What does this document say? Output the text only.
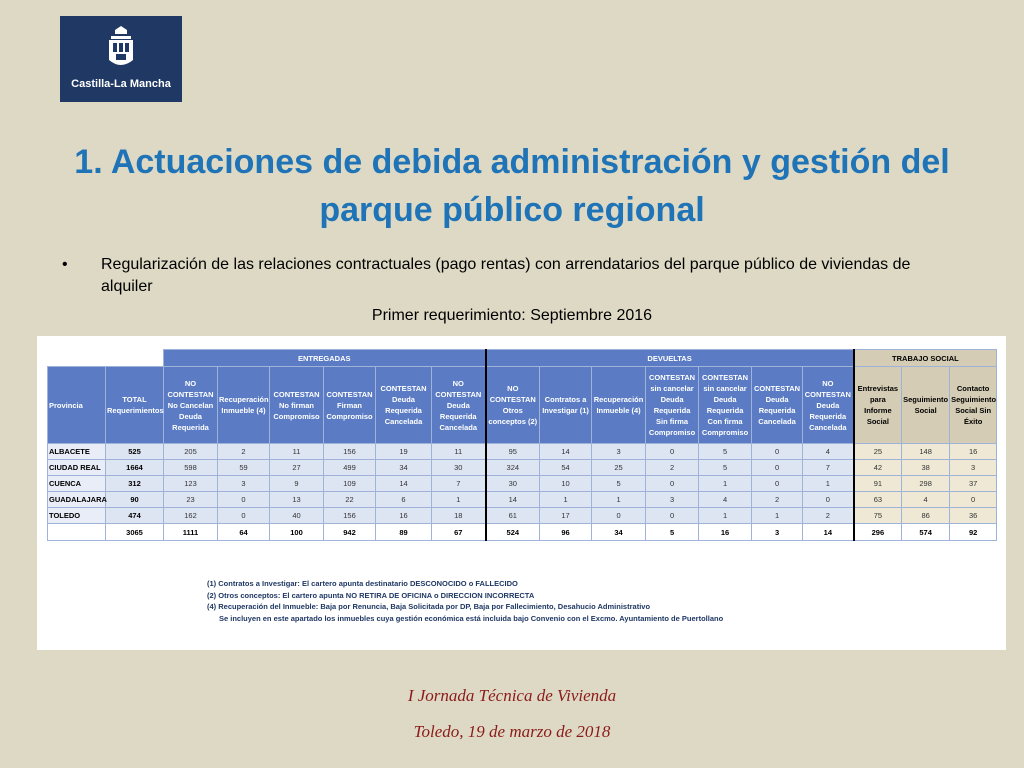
Castilla-La Mancha
1. Actuaciones de debida administración y gestión del parque público regional
• Regularización de las relaciones contractuales (pago rentas) con arrendatarios del parque público de viviendas de alquiler
Primer requerimiento: Septiembre 2016
		ENTREGADAS						DEVUELTAS							TRABAJO SOCIAL		
Provincia	TOTAL Requerimientos	NO CONTESTAN No Cancelan Deuda Requerida	Recuperación Inmueble (4)	CONTESTAN No firman Compromiso	CONTESTAN Firman Compromiso	CONTESTAN Deuda Requerida Cancelada	NO CONTESTAN Deuda Requerida Cancelada	NO CONTESTAN Otros conceptos (2)	Contratos a Investigar (1)	Recuperación Inmueble (4)	CONTESTAN sin cancelar Deuda Requerida Sin firma Compromiso	CONTESTAN sin cancelar Deuda Requerida Con firma Compromiso	CONTESTAN Deuda Requerida Cancelada	NO CONTESTAN Deuda Requerida Cancelada	Entrevistas para Informe Social	Seguimiento Social	Contacto Seguimiento Social Sin Éxito
ALBACETE	525	205	2	11	156	19	11	95	14	3	0	5	0	4	25	148	16
CIUDAD REAL	1664	598	59	27	499	34	30	324	54	25	2	5	0	7	42	38	3
CUENCA	312	123	3	9	109	14	7	30	10	5	0	1	0	1	91	298	37
GUADALAJARA	90	23	0	13	22	6	1	14	1	1	3	4	2	0	63	4	0
TOLEDO	474	162	0	40	156	16	18	61	17	0	0	1	1	2	75	86	36
	3065	1111	64	100	942	89	67	524	96	34	5	16	3	14	296	574	92
(1) Contratos a Investigar: El cartero apunta destinatario DESCONOCIDO o FALLECIDO
(2) Otros conceptos: El cartero apunta NO RETIRA DE OFICINA o DIRECCION INCORRECTA
(4) Recuperación del Inmueble: Baja por Renuncia, Baja Solicitada por DP, Baja por Fallecimiento, Desahucio Administrativo
Se incluyen en este apartado los inmuebles cuya gestión económica está incluida bajo Convenio con el Excmo. Ayuntamiento de Puertollano
I Jornada Técnica de Vivienda
Toledo, 19 de marzo de 2018
